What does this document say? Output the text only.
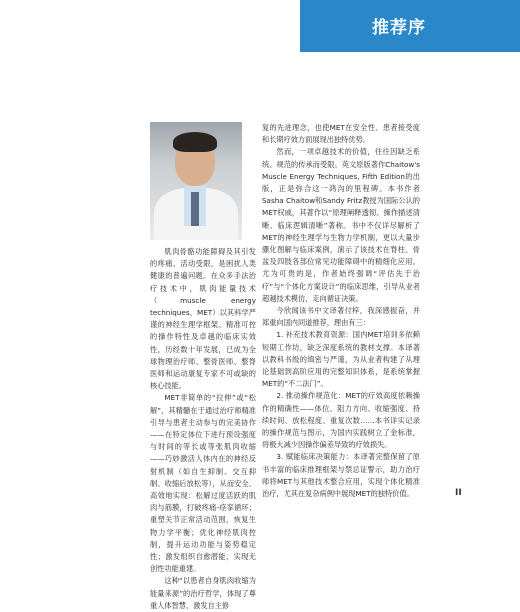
推荐序

肌肉骨骼功能障碍及其引发的疼痛、活动受限，是困扰人类健康的普遍问题。在众多手法治疗技术中，肌肉能量技术（muscle energy techniques，MET）以其科学严谨的神经生理学框架、精准可控的操作特性及卓越的临床实效性，历经数十年发展，已成为全球物理治疗师、整骨医师、整脊医师和运动康复专家不可或缺的核心技能。

MET非简单的“拉伸”或“松解”，其精髓在于通过治疗师精准引导与患者主动参与的完美协作——在特定体位下进行预设强度与时间的等长或等张肌肉收缩——巧妙激活人体内在的神经反射机制（如自生抑制、交互抑制、收缩后放松等），从而安全、高效地实现：松解过度活跃的肌肉与筋膜，打破疼痛-痉挛循环；重塑关节正常活动范围，恢复生物力学平衡；优化神经肌肉控制，提升运动功能与姿势稳定性；激发组织自愈潜能，实现无创性功能重建。

这种“以患者自身肌肉收缩为能量来源”的治疗哲学，体现了尊重人体智慧、激发自主修

复的先进理念，也使MET在安全性、患者接受度和长期疗效方面展现出独特优势。

然而，一项卓越技术的价值，往往因缺乏系统、规范的传承而受限。英文原版著作Chaitow's Muscle Energy Techniques, Fifth Edition的出版，正是弥合这一鸿沟的里程碑。本书作者Sasha Chaitow和Sandy Fritz教授为国际公认的MET权威，其著作以“原理阐释透彻、操作描述清晰、临床逻辑清晰”著称。书中不仅详尽解析了MET的神经生理学与生物力学机制，更以大量步骤化图解与临床案例，演示了该技术在脊柱、骨盆及四肢各部位常见功能障碍中的精细化应用。尤为可贵的是，作者始终强调“评估先于治疗”与“个体化方案设计”的临床思维，引导从业者超越技术模仿，走向循证决策。

今欣闻该书中文译著付梓，我深感振奋，并郑重向国内同道推荐，理由有三：

1. 补充技术教育资源：国内MET培训多依赖短期工作坊，缺乏深度系统的教材支撑。本译著以教科书级的缜密与严谨，为从业者构建了从理论基础到高阶应用的完整知识体系，是系统掌握MET的“不二法门”。

2. 推动操作规范化：MET的疗效高度依赖操作的精确性——体位、阻力方向、收缩强度、持续时间、放松程度、重复次数……本书详实记录的操作规范与图示，为国内实践树立了金标准，将极大减少因操作偏差导致的疗效损失。

3. 赋能临床决策能力：本译著完整保留了原书丰富的临床推理框架与禁忌证警示，助力治疗师将MET与其他技术整合应用，实现个体化精准治疗，尤其在复杂病例中展现MET的独特价值。	II
